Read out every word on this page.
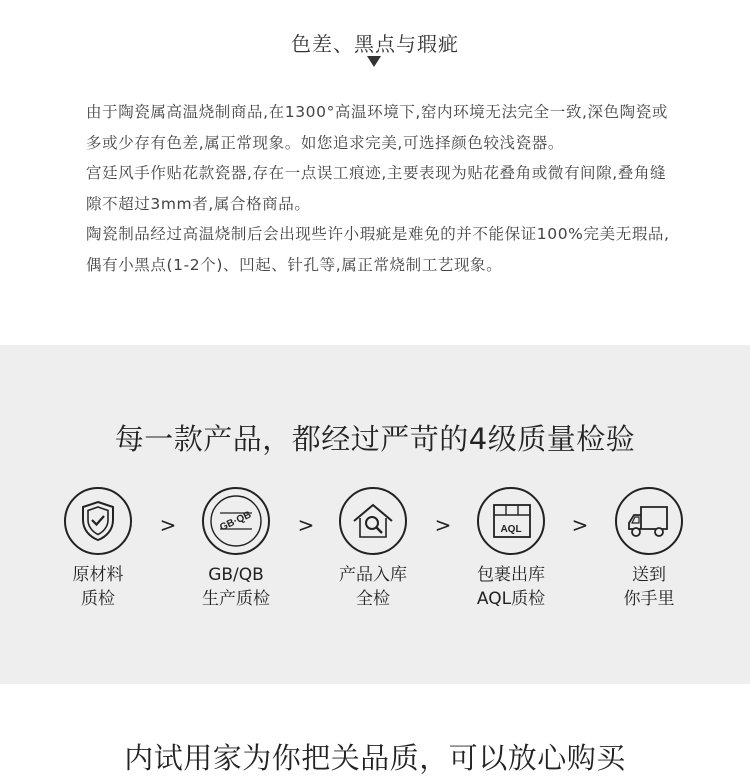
色差、黑点与瑕疵

由于陶瓷属高温烧制商品,在1300°高温环境下,窑内环境无法完全一致,深色陶瓷或多或少存有色差,属正常现象。如您追求完美,可选择颜色较浅瓷器。

宫廷风手作贴花款瓷器,存在一点误工痕迹,主要表现为贴花叠角或微有间隙,叠角缝隙不超过3mm者,属合格商品。

陶瓷制品经过高温烧制后会出现些许小瑕疵是难免的并不能保证100%完美无瑕品,偶有小黑点(1-2个)、凹起、针孔等,属正常烧制工艺现象。

每一款产品，都经过严苛的4级质量检验
原材料
质检
>	GB·QB
GB/QB
生产质检
>
产品入库
全检
>	AQL
包裹出库
AQL质检
>
送到
你手里
内试用家为你把关品质，可以放心购买
